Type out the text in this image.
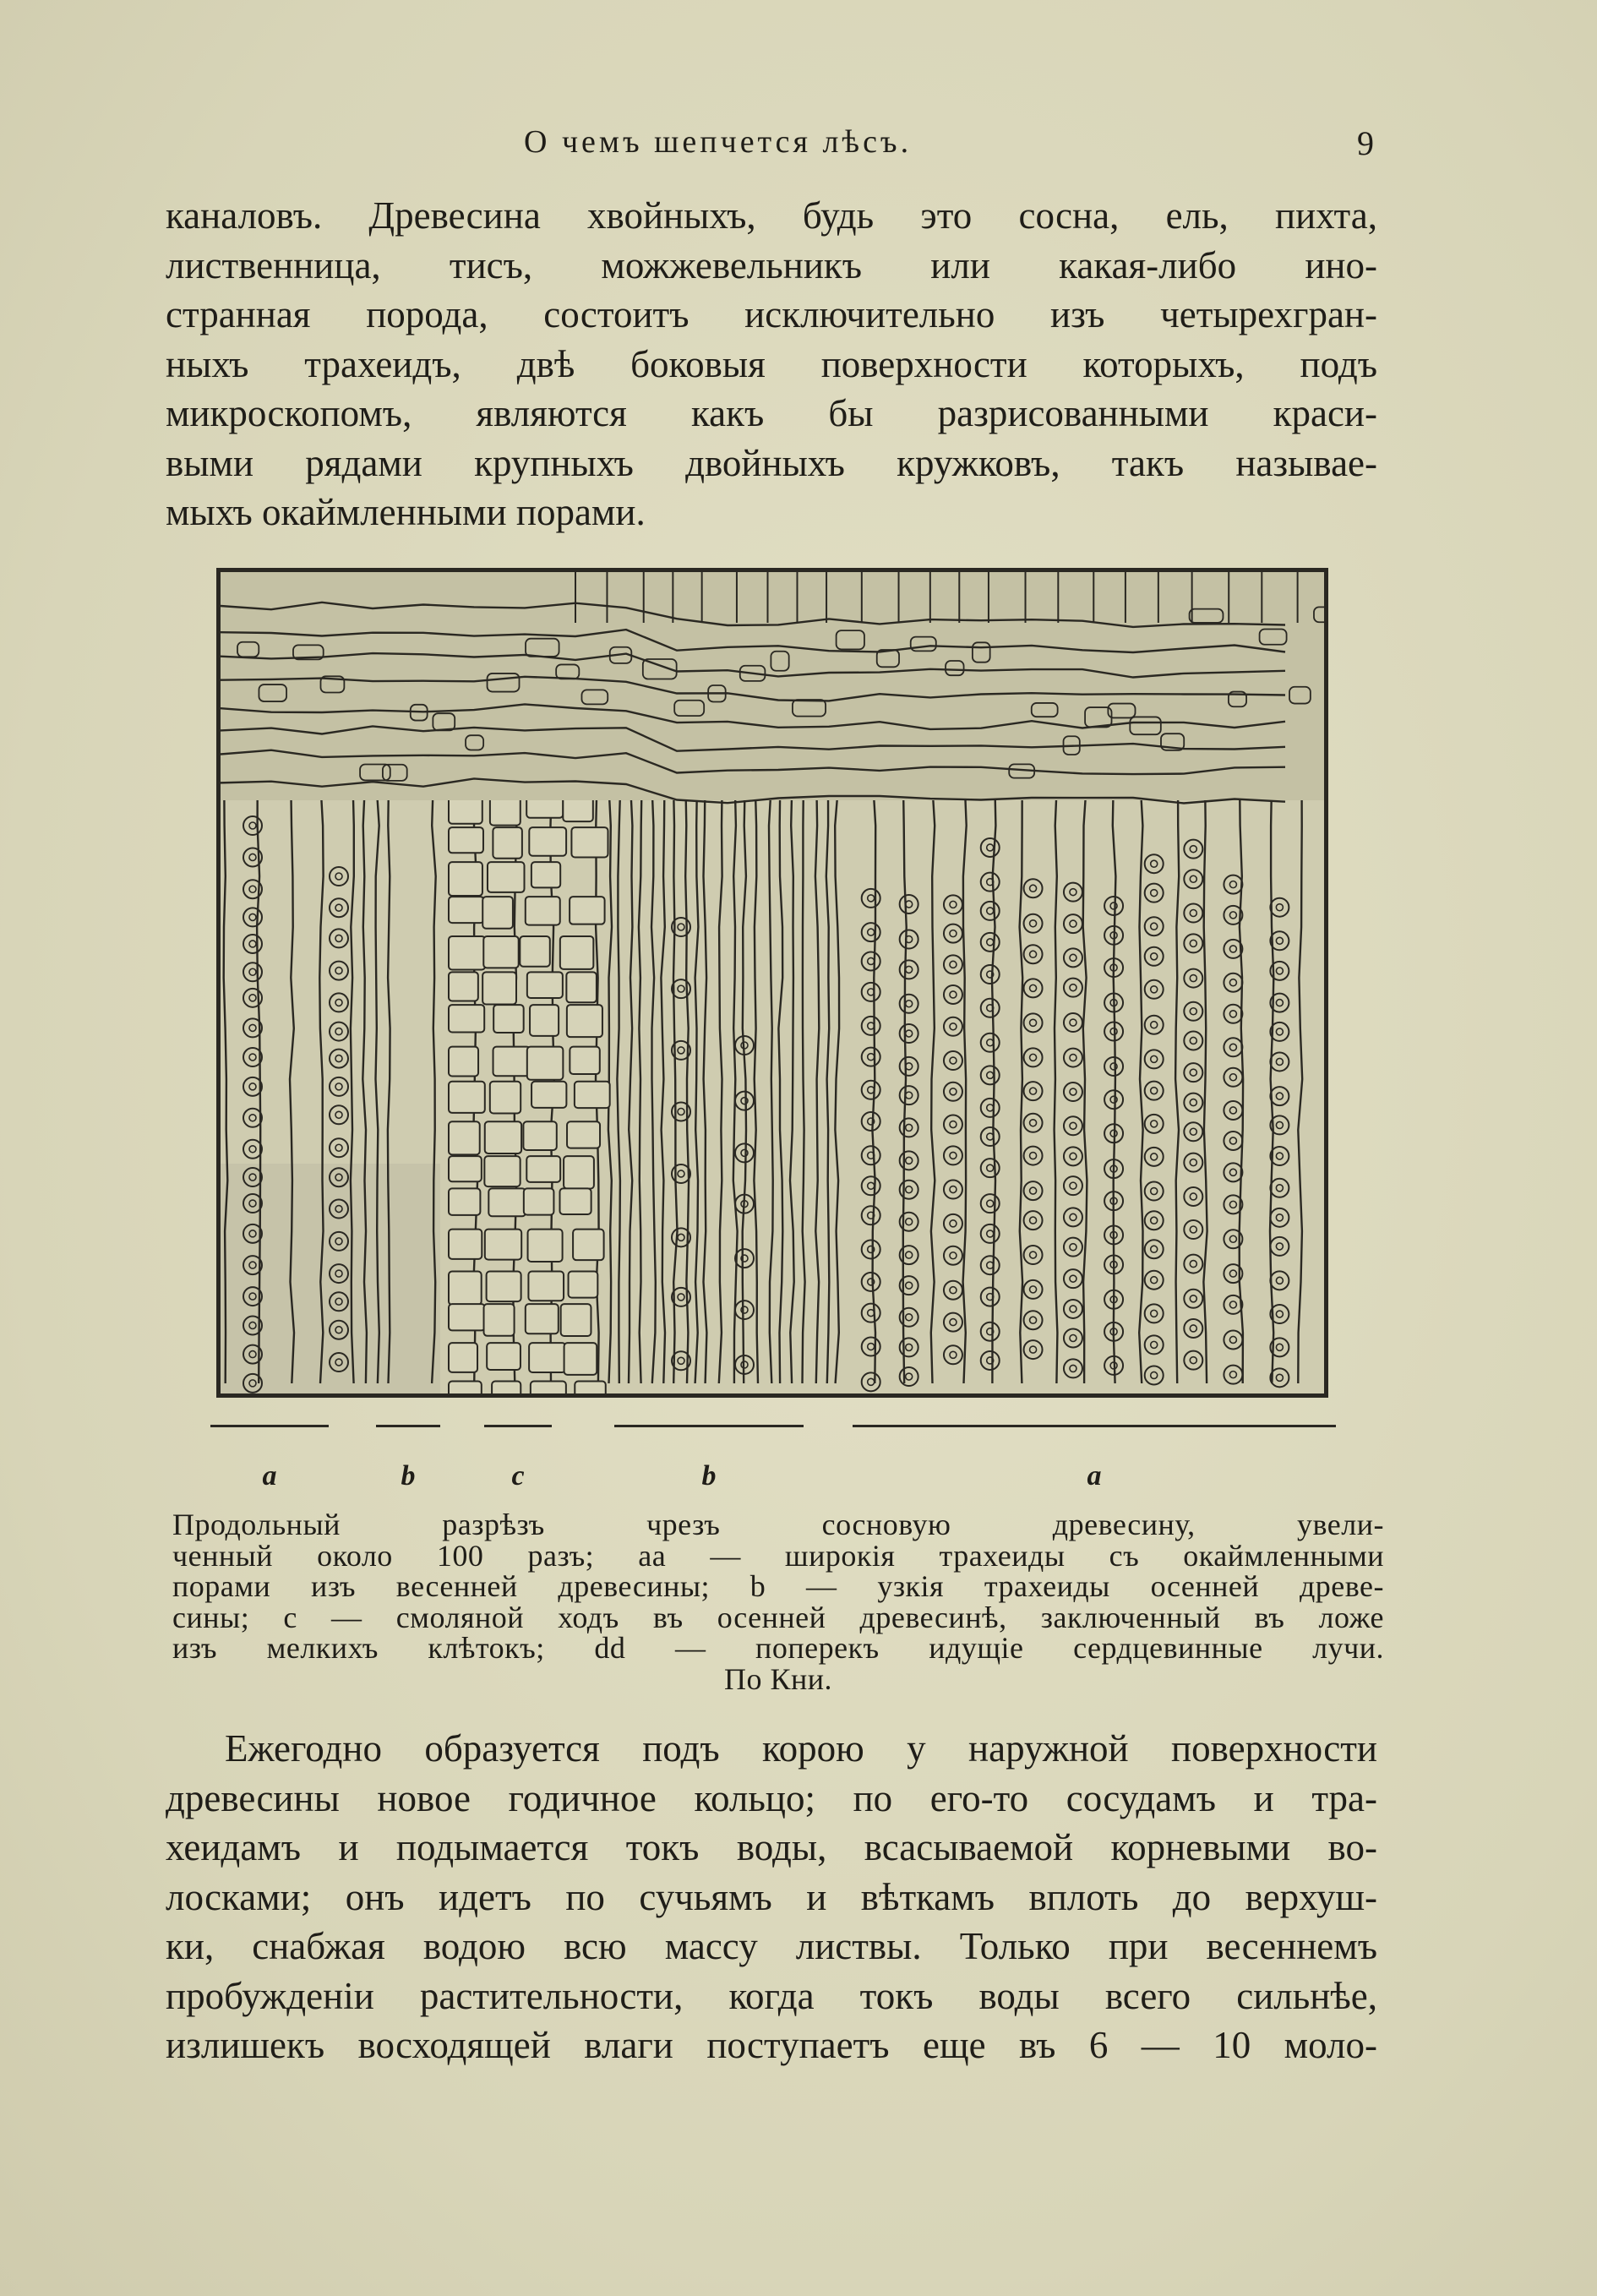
О чемъ шепчется лѣсъ.	9
каналовъ. Древесина хвойныхъ, будь это сосна, ель, пихта,
лиственница, тисъ, можжевельникъ или какая-либо ино-
странная порода, состоитъ исключительно изъ четырехгран-
ныхъ трахеидъ, двѣ боковыя поверхности которыхъ, подъ
микроскопомъ, являются какъ бы разрисованными краси-
выми рядами крупныхъ двойныхъ кружковъ, такъ называе-
мыхъ окаймленными порами.
a	b	c	b	a
Продольный разрѣзъ чрезъ сосновую древесину, увели-
ченный около 100 разъ; aa — широкія трахеиды съ окаймленными
порами изъ весенней древесины; b — узкія трахеиды осенней древе-
сины; c — смоляной ходъ въ осенней древесинѣ, заключенный въ ложе
изъ мелкихъ клѣтокъ; dd — поперекъ идущіе сердцевинные лучи.
По Кни.
Ежегодно образуется подъ корою у наружной поверхности
древесины новое годичное кольцо; по его-то сосудамъ и тра-
хеидамъ и подымается токъ воды, всасываемой корневыми во-
лосками; онъ идетъ по сучьямъ и вѣткамъ вплоть до верхуш-
ки, снабжая водою всю массу листвы. Только при весеннемъ
пробужденіи растительности, когда токъ воды всего сильнѣе,
излишекъ восходящей влаги поступаетъ еще въ 6 — 10 моло-
